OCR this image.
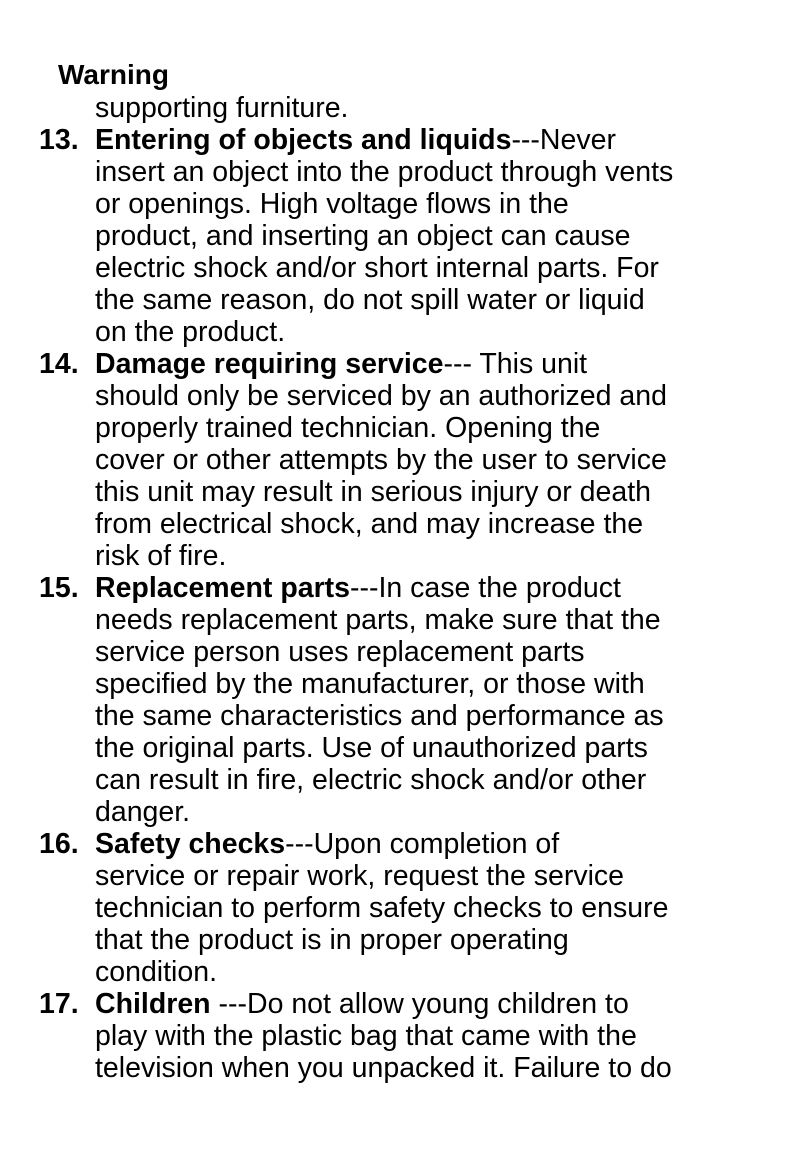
Warning
supporting furniture.
13. Entering of objects and liquids---Never
insert an object into the product through vents
or openings. High voltage flows in the
product, and inserting an object can cause
electric shock and/or short internal parts. For
the same reason, do not spill water or liquid
on the product.
14. Damage requiring service--- This unit
should only be serviced by an authorized and
properly trained technician. Opening the
cover or other attempts by the user to service
this unit may result in serious injury or death
from electrical shock, and may increase the
risk of fire.
15. Replacement parts---In case the product
needs replacement parts, make sure that the
service person uses replacement parts
specified by the manufacturer, or those with
the same characteristics and performance as
the original parts. Use of unauthorized parts
can result in fire, electric shock and/or other
danger.
16. Safety checks---Upon completion of
service or repair work, request the service
technician to perform safety checks to ensure
that the product is in proper operating
condition.
17. Children ---Do not allow young children to
play with the plastic bag that came with the
television when you unpacked it. Failure to do
